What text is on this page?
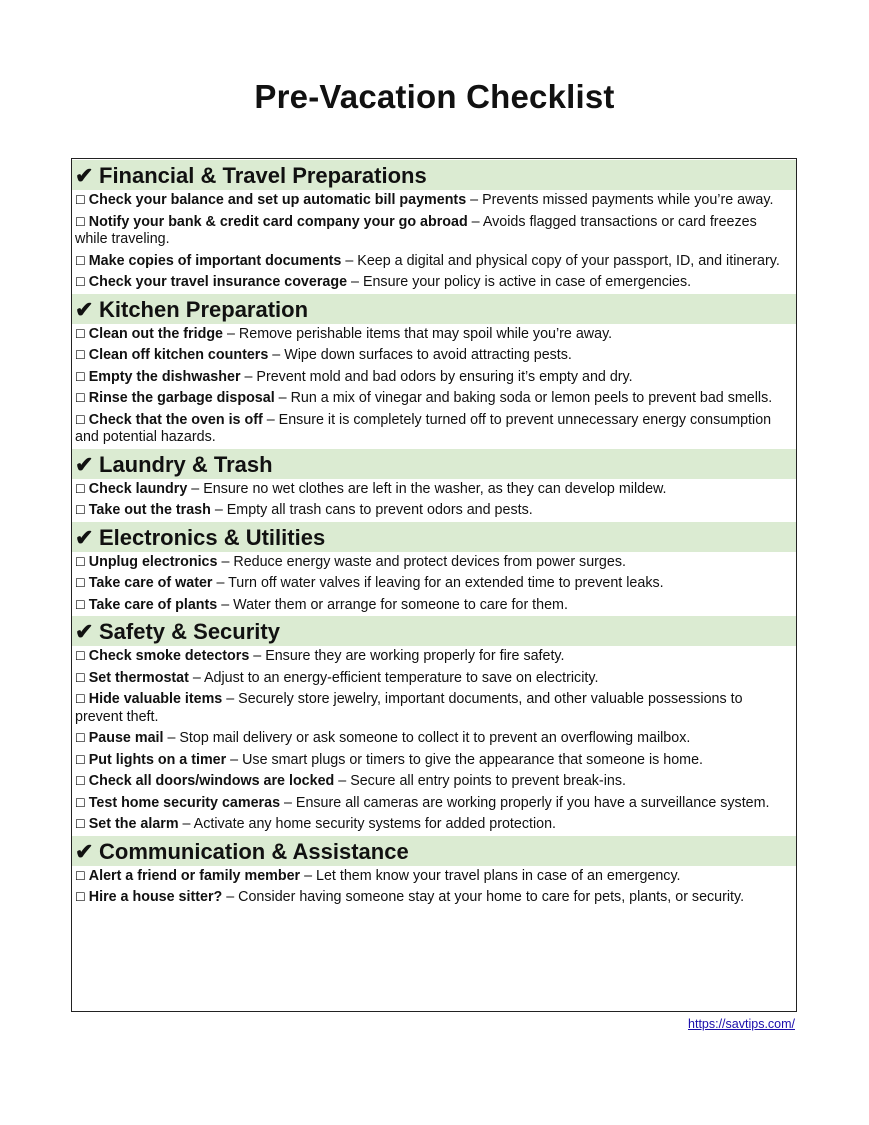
Pre-Vacation Checklist
✔ Financial & Travel Preparations
☐ Check your balance and set up automatic bill payments – Prevents missed payments while you’re away.
☐ Notify your bank & credit card company your go abroad – Avoids flagged transactions or card freezes while traveling.
☐ Make copies of important documents – Keep a digital and physical copy of your passport, ID, and itinerary.
☐ Check your travel insurance coverage – Ensure your policy is active in case of emergencies.
✔ Kitchen Preparation
☐ Clean out the fridge – Remove perishable items that may spoil while you’re away.
☐ Clean off kitchen counters – Wipe down surfaces to avoid attracting pests.
☐ Empty the dishwasher – Prevent mold and bad odors by ensuring it’s empty and dry.
☐ Rinse the garbage disposal – Run a mix of vinegar and baking soda or lemon peels to prevent bad smells.
☐ Check that the oven is off – Ensure it is completely turned off to prevent unnecessary energy consumption and potential hazards.
✔ Laundry & Trash
☐ Check laundry – Ensure no wet clothes are left in the washer, as they can develop mildew.
☐ Take out the trash – Empty all trash cans to prevent odors and pests.
✔ Electronics & Utilities
☐ Unplug electronics – Reduce energy waste and protect devices from power surges.
☐ Take care of water – Turn off water valves if leaving for an extended time to prevent leaks.
☐ Take care of plants – Water them or arrange for someone to care for them.
✔ Safety & Security
☐ Check smoke detectors – Ensure they are working properly for fire safety.
☐ Set thermostat – Adjust to an energy-efficient temperature to save on electricity.
☐ Hide valuable items – Securely store jewelry, important documents, and other valuable possessions to prevent theft.
☐ Pause mail – Stop mail delivery or ask someone to collect it to prevent an overflowing mailbox.
☐ Put lights on a timer – Use smart plugs or timers to give the appearance that someone is home.
☐ Check all doors/windows are locked – Secure all entry points to prevent break-ins.
☐ Test home security cameras – Ensure all cameras are working properly if you have a surveillance system.
☐ Set the alarm – Activate any home security systems for added protection.
✔ Communication & Assistance
☐ Alert a friend or family member – Let them know your travel plans in case of an emergency.
☐ Hire a house sitter? – Consider having someone stay at your home to care for pets, plants, or security.
https://savtips.com/
